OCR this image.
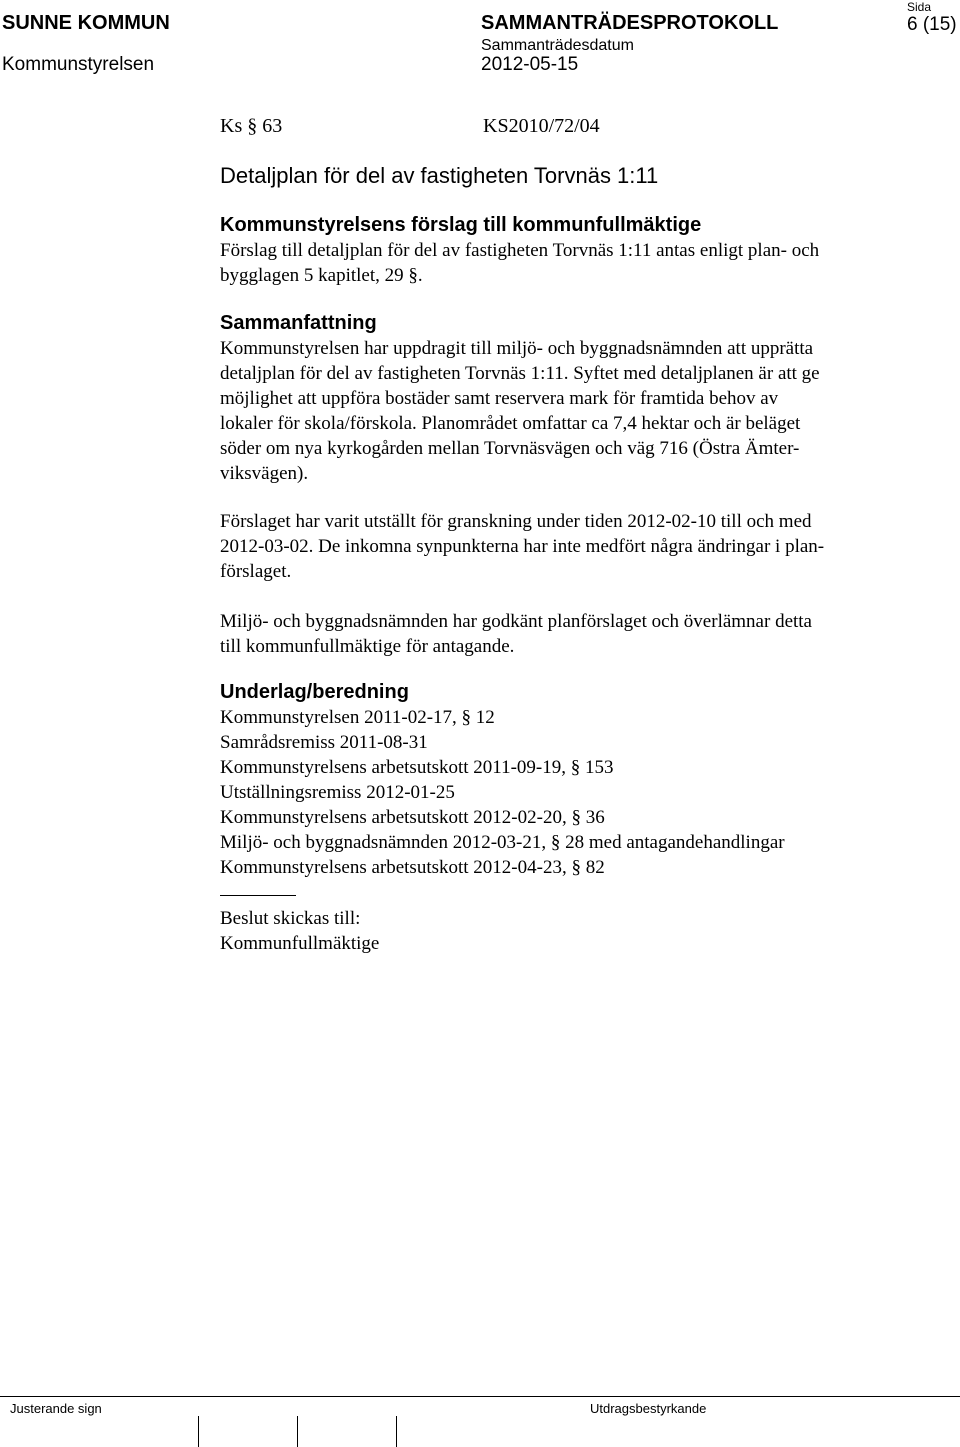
SUNNE KOMMUN	SAMMANTRÄDESPROTOKOLL
Sida
6 (15)
Kommunstyrelsen
Sammanträdesdatum
2012-05-15
Ks § 63	KS2010/72/04
Detaljplan för del av fastigheten Torvnäs 1:11
Kommunstyrelsens förslag till kommunfullmäktige

Förslag till detaljplan för del av fastigheten Torvnäs 1:11 antas enligt plan- och

bygglagen 5 kapitlet, 29 §.

Sammanfattning

Kommunstyrelsen har uppdragit till miljö- och byggnadsnämnden att upprätta

detaljplan för del av fastigheten Torvnäs 1:11. Syftet med detaljplanen är att ge

möjlighet att uppföra bostäder samt reservera mark för framtida behov av

lokaler för skola/förskola. Planområdet omfattar ca 7,4 hektar och är beläget

söder om nya kyrkogården mellan Torvnäsvägen och väg 716 (Östra Ämter-

viksvägen).

Förslaget har varit utställt för granskning under tiden 2012-02-10 till och med

2012-03-02. De inkomna synpunkterna har inte medfört några ändringar i plan-

förslaget.

Miljö- och byggnadsnämnden har godkänt planförslaget och överlämnar detta

till kommunfullmäktige för antagande.

Underlag/beredning

Kommunstyrelsen 2011-02-17, § 12

Samrådsremiss 2011-08-31

Kommunstyrelsens arbetsutskott 2011-09-19, § 153

Utställningsremiss 2012-01-25

Kommunstyrelsens arbetsutskott 2012-02-20, § 36

Miljö- och byggnadsnämnden 2012-03-21, § 28 med antagandehandlingar

Kommunstyrelsens arbetsutskott 2012-04-23, § 82

Beslut skickas till:

Kommunfullmäktige

Justerande sign	Utdragsbestyrkande
